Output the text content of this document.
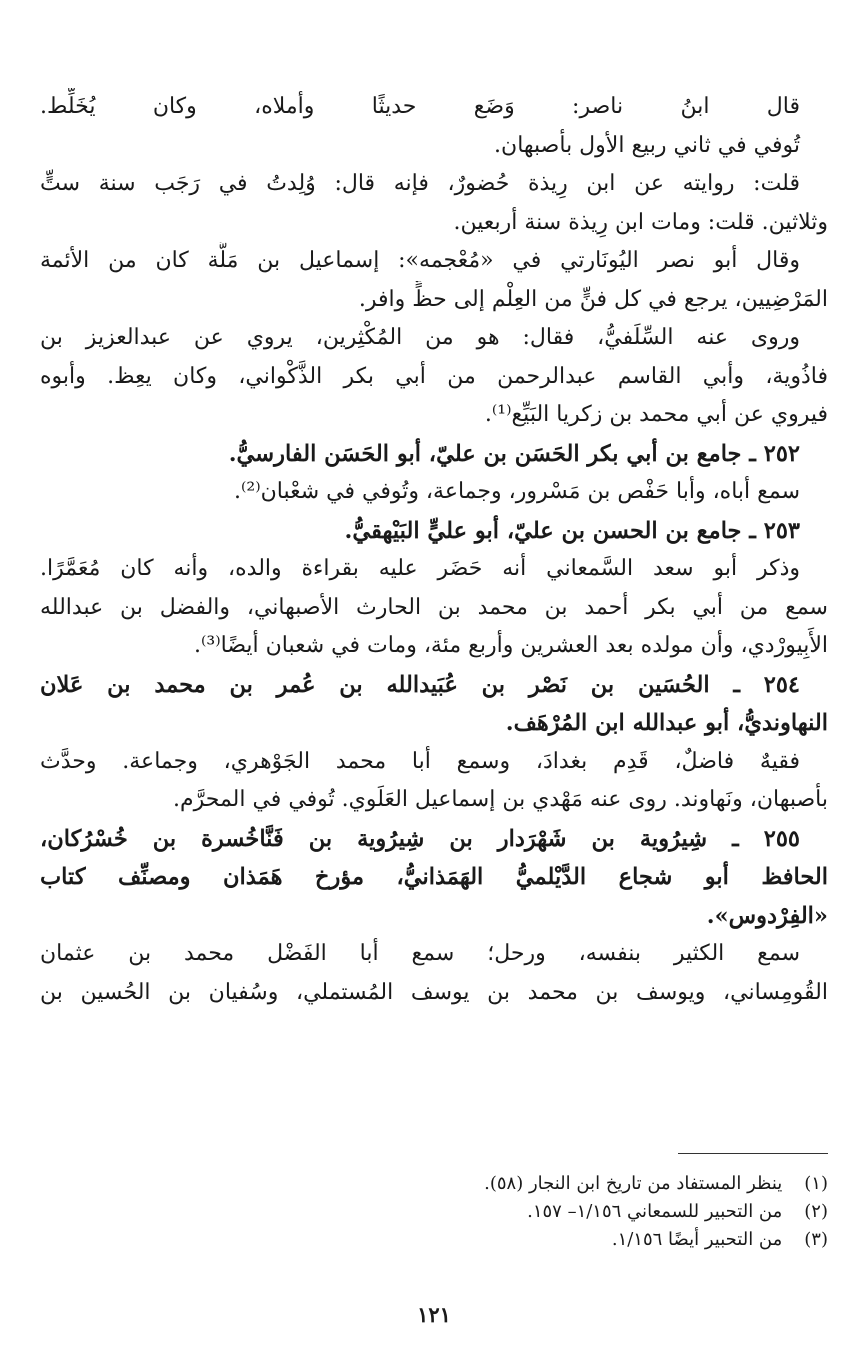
قال ابنُ ناصر: وَضَع حديثًا وأملاه، وكان يُخَلِّط.
تُوفي في ثاني ربيع الأول بأصبهان.
قلت: روايته عن ابن رِيذة حُضورٌ، فإنه قال: وُلِدتُ في رَجَب سنة ستٍّ
وثلاثين. قلت: ومات ابن رِيذة سنة أربعين.
وقال أبو نصر اليُونَارتي في «مُعْجمه»: إسماعيل بن مَلَّة كان من الأئمة
المَرْضِيين، يرجع في كل فنٍّ من العِلْم إلى حظٍّ وافر.
وروى عنه السِّلَفيُّ، فقال: هو من المُكْثِرين، يروي عن عبدالعزيز بن
فاذُوية، وأبي القاسم عبدالرحمن من أبي بكر الذَّكْواني، وكان يعِظ. وأبوه
فيروي عن أبي محمد بن زكريا البَيِّع⁽¹⁾.
٢٥٢ ـ جامع بن أبي بكر الحَسَن بن عليّ، أبو الحَسَن الفارسيُّ.
سمع أباه، وأبا حَفْص بن مَسْرور، وجماعة، وتُوفي في شعْبان⁽²⁾.
٢٥٣ ـ جامع بن الحسن بن عليّ، أبو عليٍّ البَيْهقيُّ.
وذكر أبو سعد السَّمعاني أنه حَضَر عليه بقراءة والده، وأنه كان مُعَمَّرًا.
سمع من أبي بكر أحمد بن محمد بن الحارث الأصبهاني، والفضل بن عبدالله
الأَبِيورْدي، وأن مولده بعد العشرين وأربع مئة، ومات في شعبان أيضًا⁽³⁾.
٢٥٤ ـ الحُسَين بن نَصْر بن عُبَيدالله بن عُمر بن محمد بن عَلان
النهاونديُّ، أبو عبدالله ابن المُرْهَف.
فقيهٌ فاضلٌ، قَدِم بغدادَ، وسمع أبا محمد الجَوْهري، وجماعة. وحدَّث
بأصبهان، ونَهاوند. روى عنه مَهْدي بن إسماعيل العَلَوي. تُوفي في المحرَّم.
٢٥٥ ـ شِيرُوية بن شَهْرَدار بن شِيرُوية بن فَنَّاخُسرة بن خُسْرُكان،
الحافظ أبو شجاع الدَّيْلميُّ الهَمَذانيُّ، مؤرخ هَمَذان ومصنِّف كتاب
«الفِرْدوس».
سمع الكثير بنفسه، ورحل؛ سمع أبا الفَضْل محمد بن عثمان
القُومِساني، ويوسف بن محمد بن يوسف المُستملي، وسُفيان بن الحُسين بن
(١) ينظر المستفاد من تاريخ ابن النجار (٥٨).
(٢) من التحبير للسمعاني ١/١٥٦– ١٥٧.
(٣) من التحبير أيضًا ١/١٥٦.
١٢١
